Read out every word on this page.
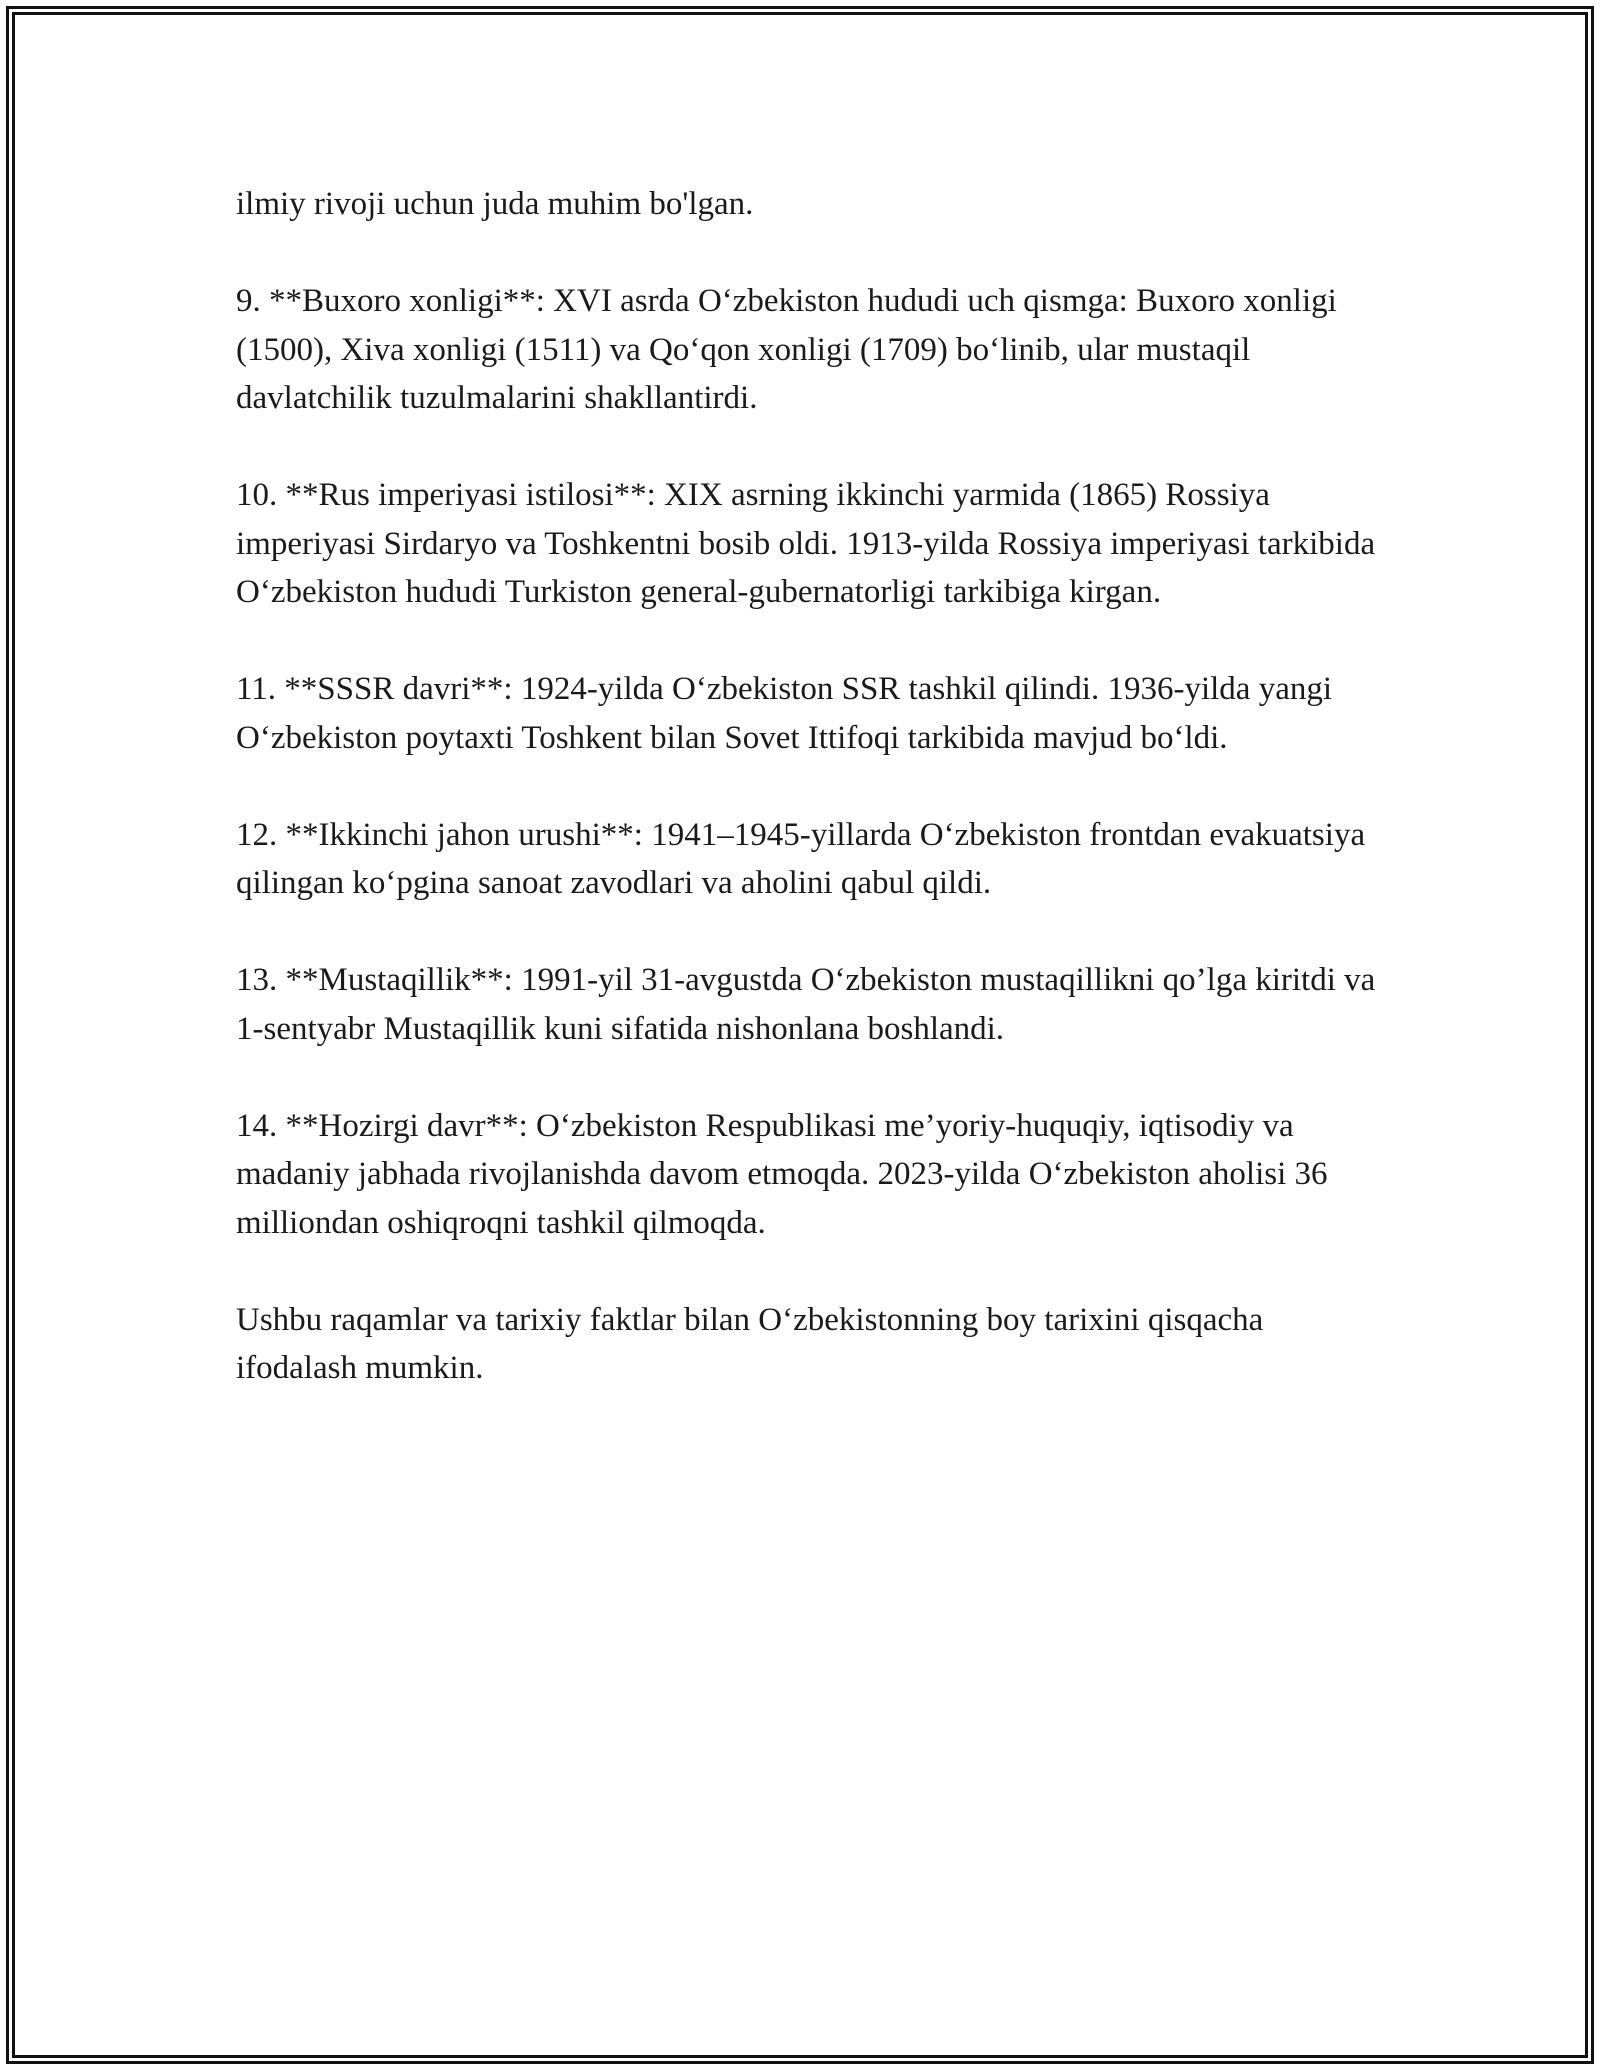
ilmiy rivoji uchun juda muhim bo'lgan.

9. **Buxoro xonligi**: XVI asrda O‘zbekiston hududi uch qismga: Buxoro xonligi (1500), Xiva xonligi (1511) va Qo‘qon xonligi (1709) bo‘linib, ular mustaqil davlatchilik tuzulmalarini shakllantirdi.

10. **Rus imperiyasi istilosi**: XIX asrning ikkinchi yarmida (1865) Rossiya imperiyasi Sirdaryo va Toshkentni bosib oldi. 1913-yilda Rossiya imperiyasi tarkibida O‘zbekiston hududi Turkiston general-gubernatorligi tarkibiga kirgan.

11. **SSSR davri**: 1924-yilda O‘zbekiston SSR tashkil qilindi. 1936-yilda yangi O‘zbekiston poytaxti Toshkent bilan Sovet Ittifoqi tarkibida mavjud bo‘ldi.

12. **Ikkinchi jahon urushi**: 1941–1945-yillarda O‘zbekiston frontdan evakuatsiya qilingan ko‘pgina sanoat zavodlari va aholini qabul qildi.

13. **Mustaqillik**: 1991-yil 31-avgustda O‘zbekiston mustaqillikni qo’lga kiritdi va 1-sentyabr Mustaqillik kuni sifatida nishonlana boshlandi.

14. **Hozirgi davr**: O‘zbekiston Respublikasi me’yoriy-huquqiy, iqtisodiy va madaniy jabhada rivojlanishda davom etmoqda. 2023-yilda O‘zbekiston aholisi 36 milliondan oshiqroqni tashkil qilmoqda.

Ushbu raqamlar va tarixiy faktlar bilan O‘zbekistonning boy tarixini qisqacha ifodalash mumkin.
